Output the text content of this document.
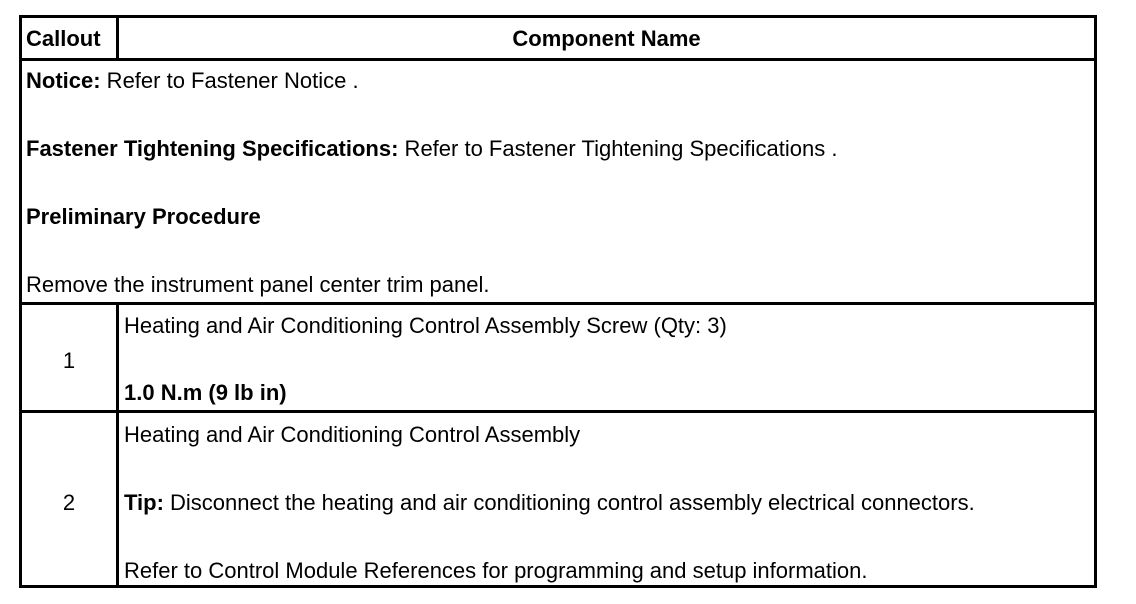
Callout	Component Name
Notice: Refer to Fastener Notice .
Fastener Tightening Specifications: Refer to Fastener Tightening Specifications .
Preliminary Procedure
Remove the instrument panel center trim panel.
1
Heating and Air Conditioning Control Assembly Screw (Qty: 3)
1.0 N.m (9 lb in)
2
Heating and Air Conditioning Control Assembly
Tip: Disconnect the heating and air conditioning control assembly electrical connectors.
Refer to Control Module References for programming and setup information.
